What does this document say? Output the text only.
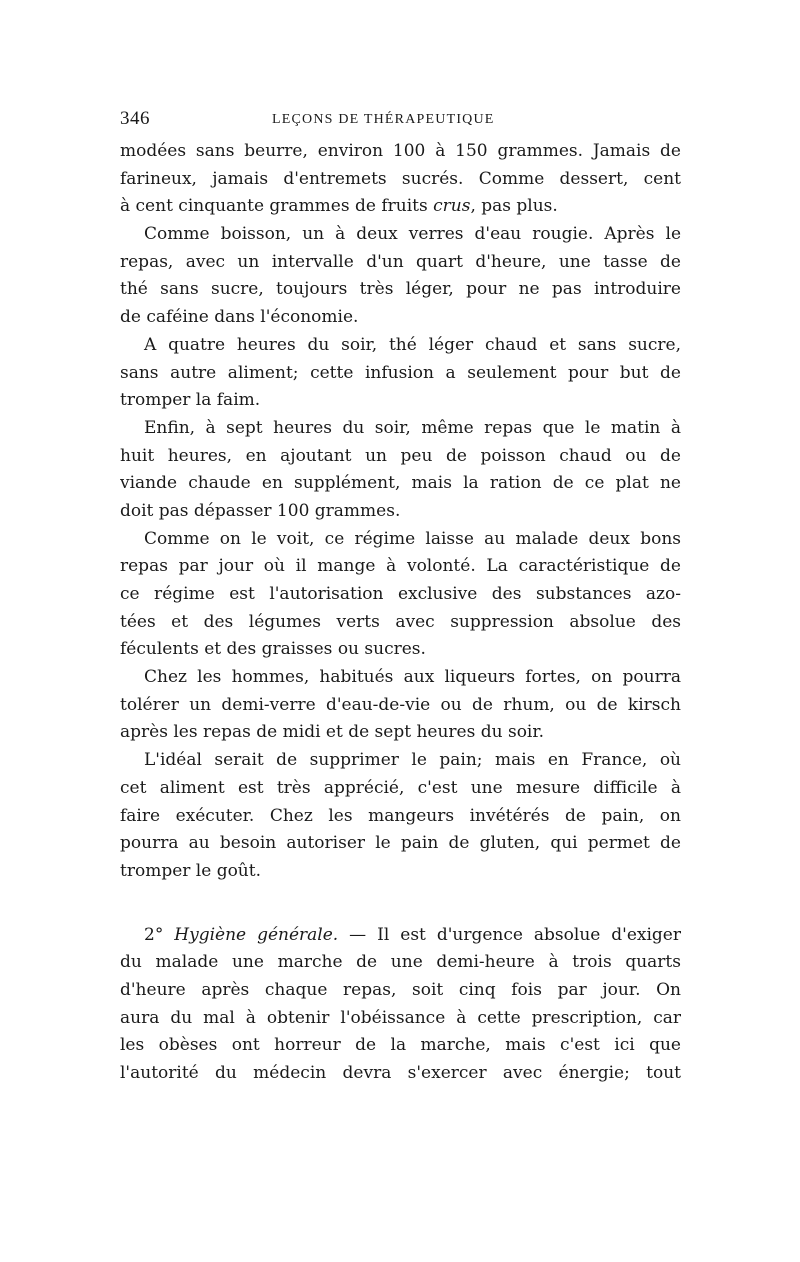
346	LEÇONS DE THÉRAPEUTIQUE
modées sans beurre, environ 100 à 150 grammes. Jamais de
farineux, jamais d'entremets sucrés. Comme dessert, cent
à cent cinquante grammes de fruits crus, pas plus.
Comme boisson, un à deux verres d'eau rougie. Après le
repas, avec un intervalle d'un quart d'heure, une tasse de
thé sans sucre, toujours très léger, pour ne pas introduire
de caféine dans l'économie.
A quatre heures du soir, thé léger chaud et sans sucre,
sans autre aliment; cette infusion a seulement pour but de
tromper la faim.
Enfin, à sept heures du soir, même repas que le matin à
huit heures, en ajoutant un peu de poisson chaud ou de
viande chaude en supplément, mais la ration de ce plat ne
doit pas dépasser 100 grammes.
Comme on le voit, ce régime laisse au malade deux bons
repas par jour où il mange à volonté. La caractéristique de
ce régime est l'autorisation exclusive des substances azo-
tées et des légumes verts avec suppression absolue des
féculents et des graisses ou sucres.
Chez les hommes, habitués aux liqueurs fortes, on pourra
tolérer un demi-verre d'eau-de-vie ou de rhum, ou de kirsch
après les repas de midi et de sept heures du soir.
L'idéal serait de supprimer le pain; mais en France, où
cet aliment est très apprécié, c'est une mesure difficile à
faire exécuter. Chez les mangeurs invétérés de pain, on
pourra au besoin autoriser le pain de gluten, qui permet de
tromper le goût.
2° Hygiène générale. — Il est d'urgence absolue d'exiger
du malade une marche de une demi-heure à trois quarts
d'heure après chaque repas, soit cinq fois par jour. On
aura du mal à obtenir l'obéissance à cette prescription, car
les obèses ont horreur de la marche, mais c'est ici que
l'autorité du médecin devra s'exercer avec énergie; tout
